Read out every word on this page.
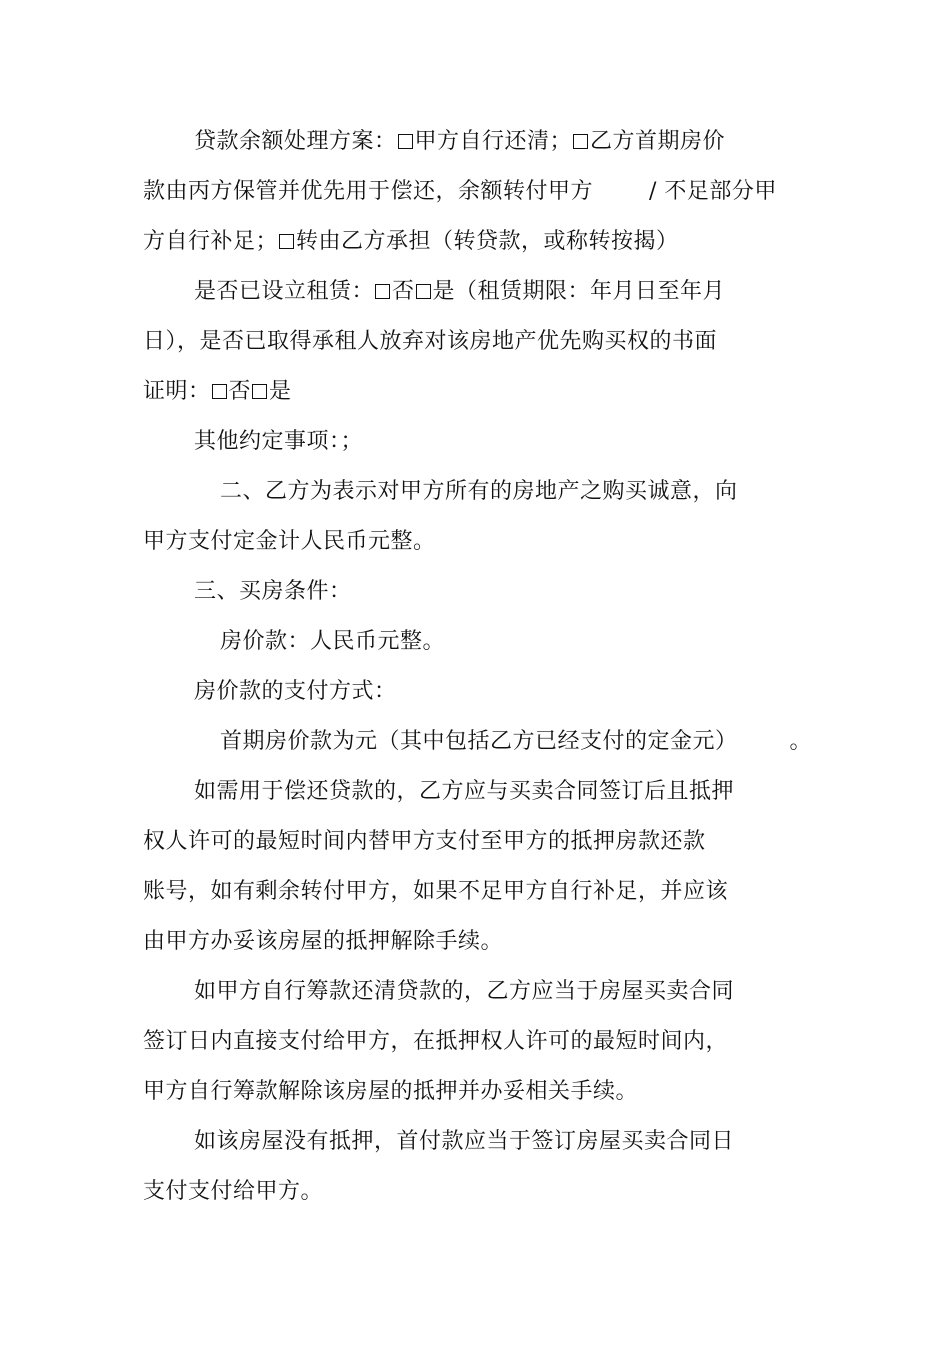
贷款余额处理方案： 甲方自行还清； 乙方首期房价
款由丙方保管并优先用于偿还，余额转付甲方	/ 不足部分甲
方自行补足； 转由乙方承担（转贷款，或称转按揭）
是否已设立租赁： 否 是（租赁期限：年月日至年月
日），是否已取得承租人放弃对该房地产优先购买权的书面
证明： 否 是
其他约定事项：；
二、乙方为表示对甲方所有的房地产之购买诚意，向
甲方支付定金计人民币元整。
三、买房条件：
房价款：人民币元整。
房价款的支付方式：
首期房价款为元（其中包括乙方已经支付的定金元） 。
如需用于偿还贷款的，乙方应与买卖合同签订后且抵押
权人许可的最短时间内替甲方支付至甲方的抵押房款还款
账号，如有剩余转付甲方，如果不足甲方自行补足，并应该
由甲方办妥该房屋的抵押解除手续。
如甲方自行筹款还清贷款的，乙方应当于房屋买卖合同
签订日内直接支付给甲方，在抵押权人许可的最短时间内，
甲方自行筹款解除该房屋的抵押并办妥相关手续。
如该房屋没有抵押，首付款应当于签订房屋买卖合同日
支付支付给甲方。
